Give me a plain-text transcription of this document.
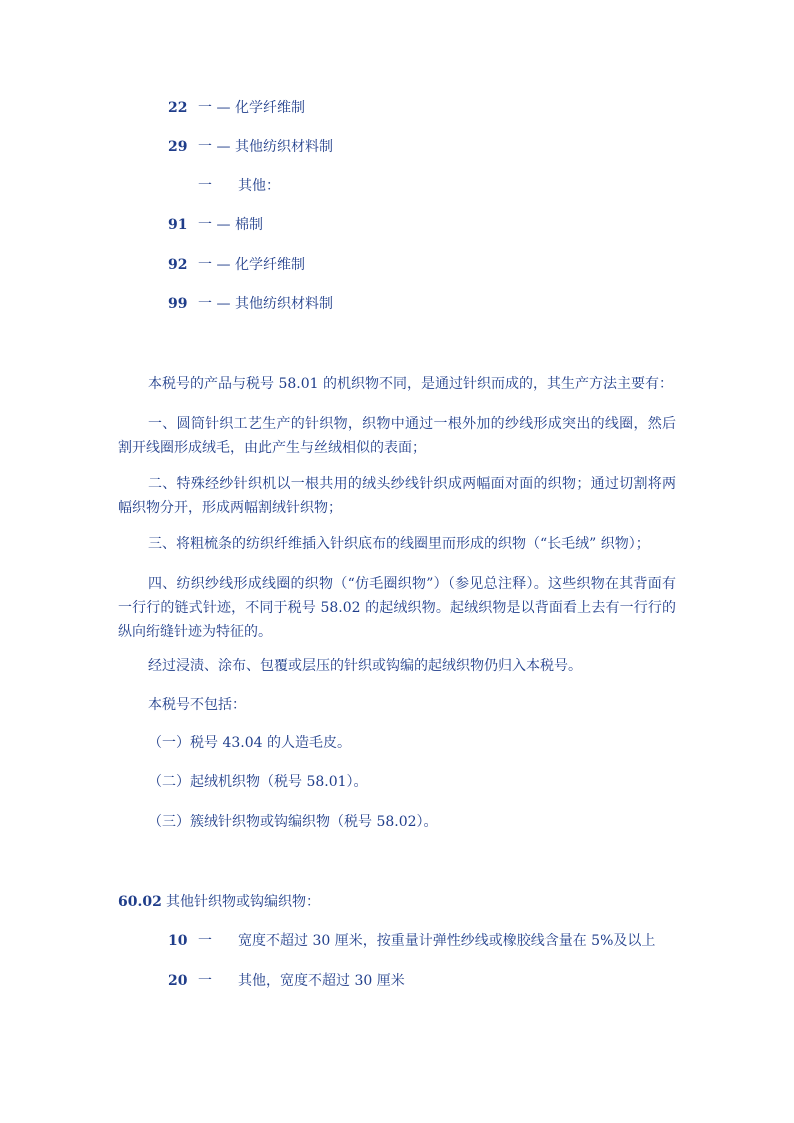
22 一 — 化学纤维制
29 一 — 其他纺织材料制
一 其他：
91 一 — 棉制
92 一 — 化学纤维制
99 一 — 其他纺织材料制
本税号的产品与税号 58.01 的机织物不同，是通过针织而成的，其生产方法主要有：
一、圆筒针织工艺生产的针织物，织物中通过一根外加的纱线形成突出的线圈，然后割开线圈形成绒毛，由此产生与丝绒相似的表面；
二、特殊经纱针织机以一根共用的绒头纱线针织成两幅面对面的织物；通过切割将两幅织物分开，形成两幅割绒针织物；
三、将粗梳条的纺织纤维插入针织底布的线圈里而形成的织物（“长毛绒” 织物）；
四、纺织纱线形成线圈的织物（“仿毛圈织物”）（参见总注释）。这些织物在其背面有一行行的链式针迹，不同于税号 58.02 的起绒织物。起绒织物是以背面看上去有一行行的纵向绗缝针迹为特征的。
经过浸渍、涂布、包覆或层压的针织或钩编的起绒织物仍归入本税号。
本税号不包括：
（一）税号 43.04 的人造毛皮。
（二）起绒机织物（税号 58.01）。
（三）簇绒针织物或钩编织物（税号 58.02）。
60.02 其他针织物或钩编织物：
10 一 宽度不超过 30 厘米，按重量计弹性纱线或橡胶线含量在 5%及以上
20 一 其他，宽度不超过 30 厘米
